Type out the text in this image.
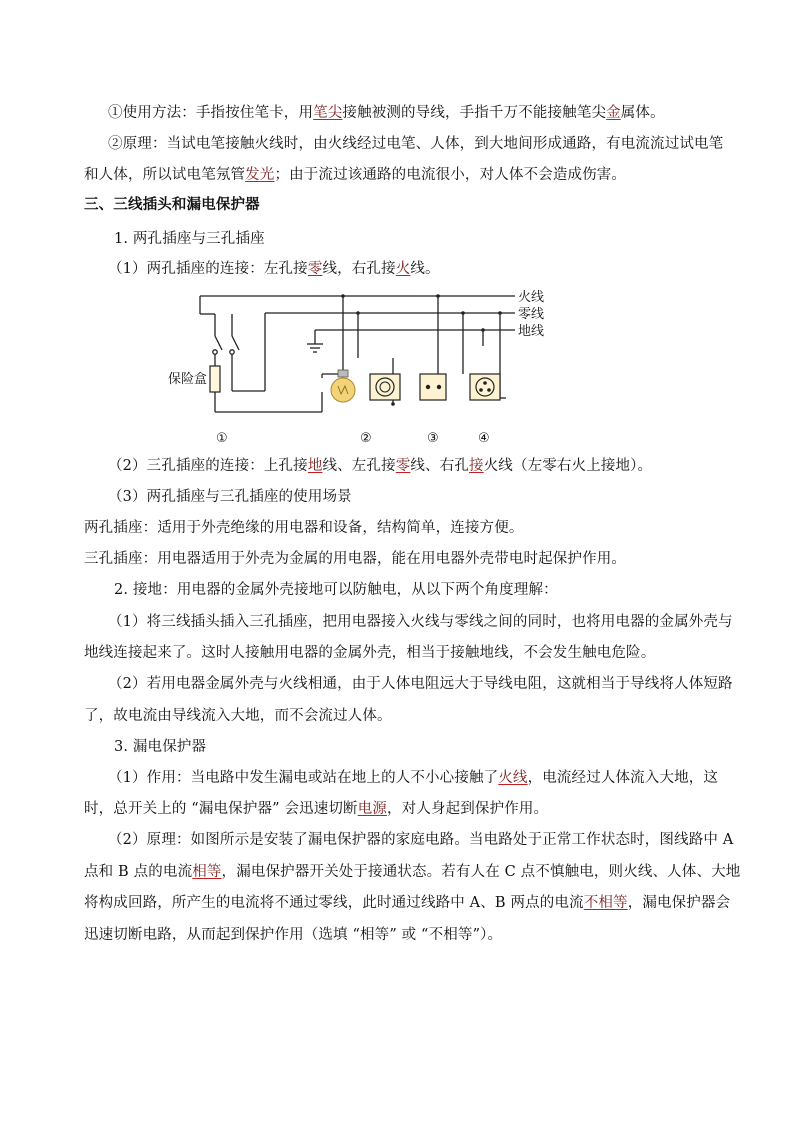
①使用方法：手指按住笔卡，用笔尖接触被测的导线，手指千万不能接触笔尖金属体。
②原理：当试电笔接触火线时，由火线经过电笔、人体，到大地间形成通路，有电流流过试电笔
和人体，所以试电笔氖管发光；由于流过该通路的电流很小，对人体不会造成伤害。
三、三线插头和漏电保护器
1. 两孔插座与三孔插座
（1）两孔插座的连接：左孔接零线，右孔接火线。
火线
零线
地线
保险盒
①	②	③	④
（2）三孔插座的连接：上孔接地线、左孔接零线、右孔接火线（左零右火上接地）。
（3）两孔插座与三孔插座的使用场景
两孔插座：适用于外壳绝缘的用电器和设备，结构简单，连接方便。
三孔插座：用电器适用于外壳为金属的用电器，能在用电器外壳带电时起保护作用。
2. 接地：用电器的金属外壳接地可以防触电，从以下两个角度理解：
（1）将三线插头插入三孔插座，把用电器接入火线与零线之间的同时，也将用电器的金属外壳与
地线连接起来了。这时人接触用电器的金属外壳，相当于接触地线，不会发生触电危险。
（2）若用电器金属外壳与火线相通，由于人体电阻远大于导线电阻，这就相当于导线将人体短路
了，故电流由导线流入大地，而不会流过人体。
3. 漏电保护器
（1）作用：当电路中发生漏电或站在地上的人不小心接触了火线，电流经过人体流入大地，这
时，总开关上的 “漏电保护器” 会迅速切断电源，对人身起到保护作用。
（2）原理：如图所示是安装了漏电保护器的家庭电路。当电路处于正常工作状态时，图线路中 A
点和 B 点的电流相等，漏电保护器开关处于接通状态。若有人在 C 点不慎触电，则火线、人体、大地
将构成回路，所产生的电流将不通过零线，此时通过线路中 A、B 两点的电流不相等，漏电保护器会
迅速切断电路，从而起到保护作用（选填 “相等” 或 “不相等”）。
